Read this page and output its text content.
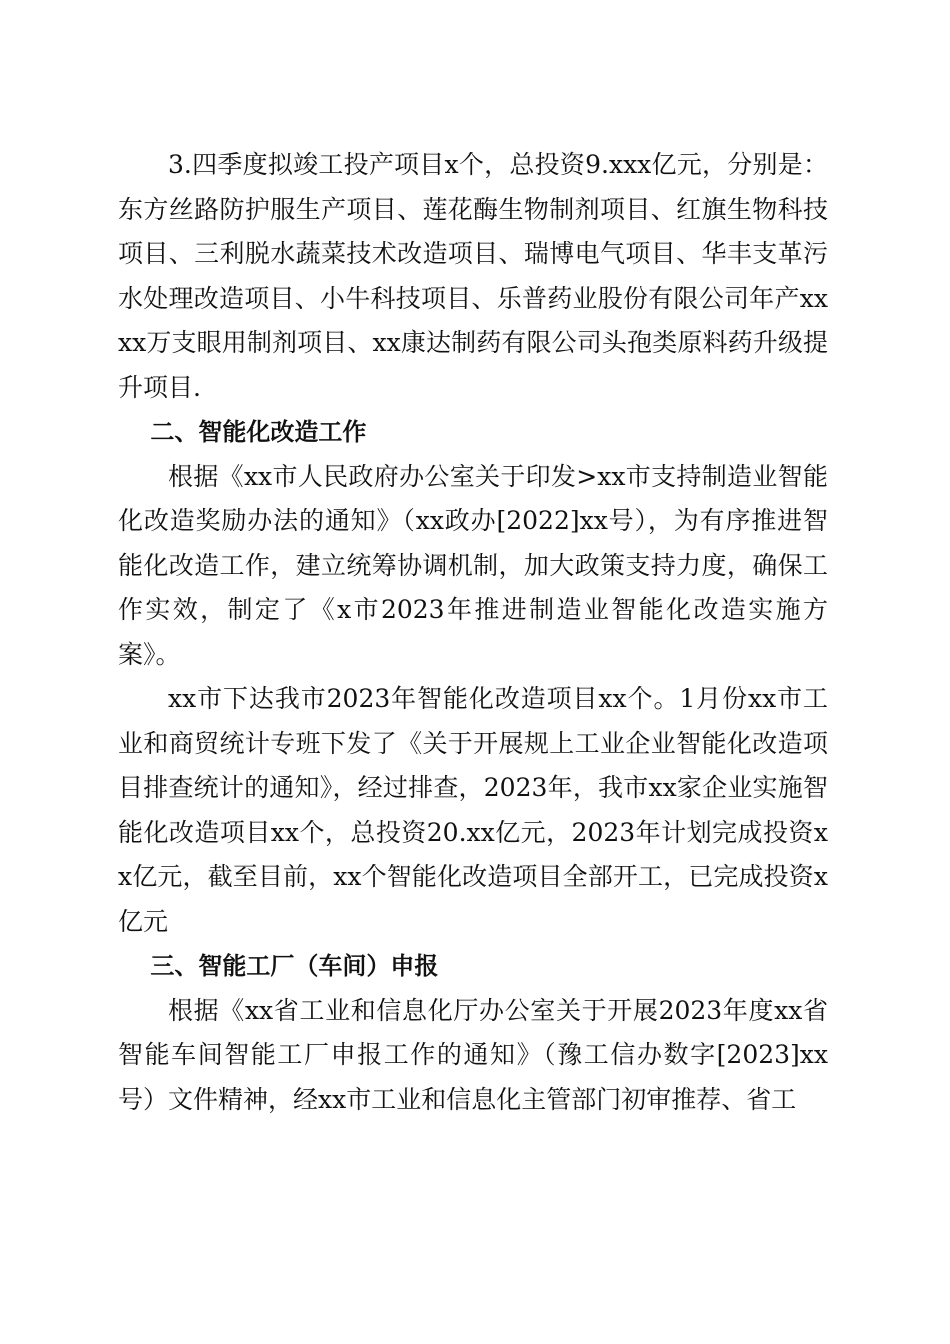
3.四季度拟竣工投产项目x个，总投资9.xxx亿元，分别是：东方丝路防护服生产项目、莲花酶生物制剂项目、红旗生物科技项目、三利脱水蔬菜技术改造项目、瑞博电气项目、华丰支革污水处理改造项目、小牛科技项目、乐普药业股份有限公司年产xxxx万支眼用制剂项目、xx康达制药有限公司头孢类原料药升级提升项目.

二、智能化改造工作

根据《xx市人民政府办公室关于印发>xx市支持制造业智能化改造奖励办法的通知》（xx政办[2022]xx号），为有序推进智能化改造工作，建立统筹协调机制，加大政策支持力度，确保工作实效，制定了《x市2023年推进制造业智能化改造实施方案》。

xx市下达我市2023年智能化改造项目xx个。1月份xx市工业和商贸统计专班下发了《关于开展规上工业企业智能化改造项目排查统计的通知》，经过排查，2023年，我市xx家企业实施智能化改造项目xx个，总投资20.xx亿元，2023年计划完成投资xx亿元，截至目前，xx个智能化改造项目全部开工，已完成投资x亿元

三、智能工厂（车间）申报

根据《xx省工业和信息化厅办公室关于开展2023年度xx省智能车间智能工厂申报工作的通知》（豫工信办数字[2023]xx号）文件精神，经xx市工业和信息化主管部门初审推荐、省工
